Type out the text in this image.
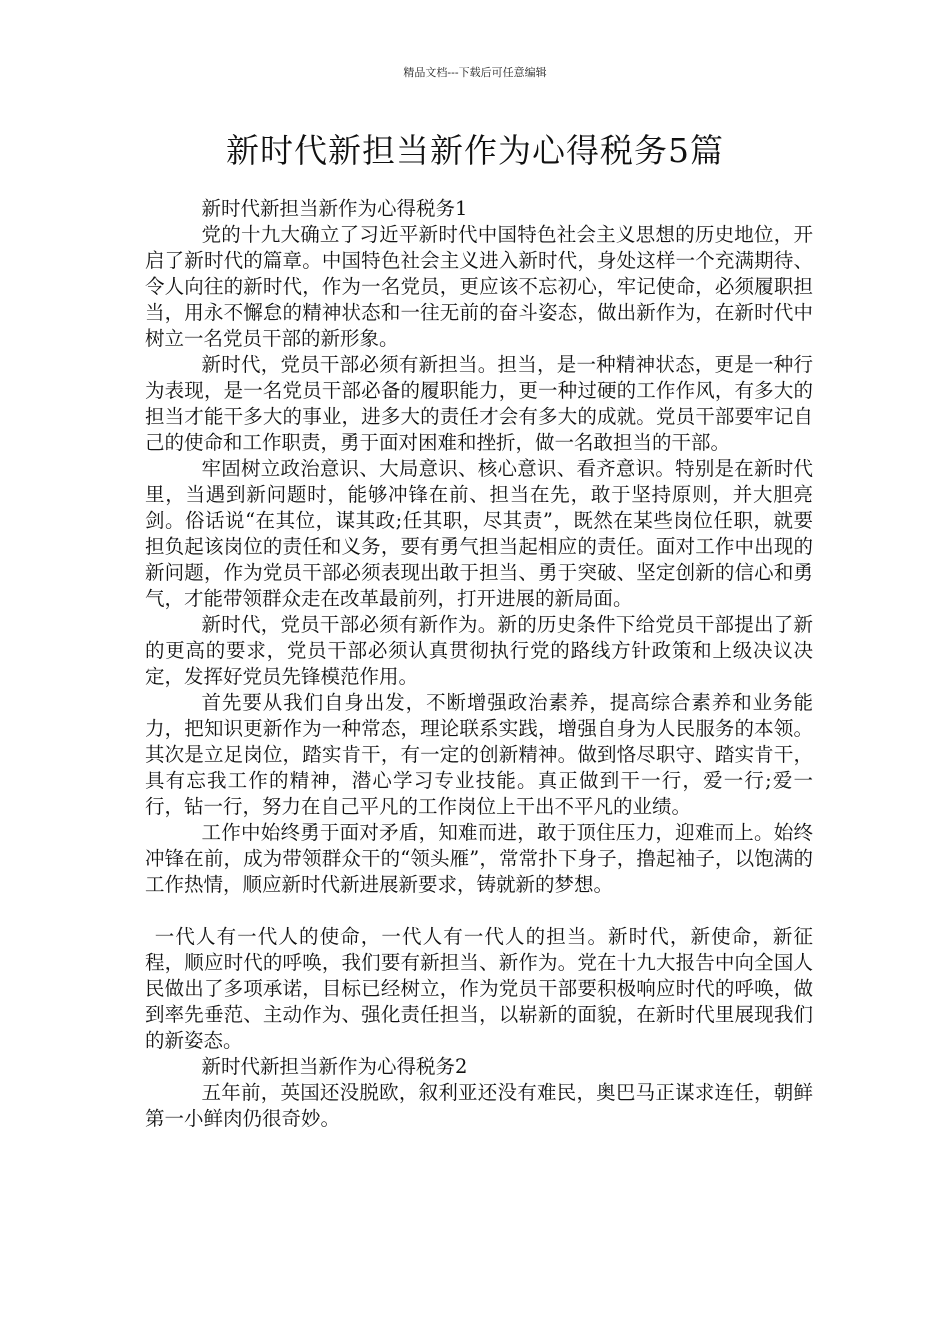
精品文档---下载后可任意编辑
新时代新担当新作为心得税务5篇

新时代新担当新作为心得税务1

党的十九大确立了习近平新时代中国特色社会主义思想的历史地位，开启了新时代的篇章。中国特色社会主义进入新时代，身处这样一个充满期待、令人向往的新时代，作为一名党员，更应该不忘初心，牢记使命，必须履职担当，用永不懈怠的精神状态和一往无前的奋斗姿态，做出新作为，在新时代中树立一名党员干部的新形象。

新时代，党员干部必须有新担当。担当，是一种精神状态，更是一种行为表现，是一名党员干部必备的履职能力，更一种过硬的工作作风，有多大的担当才能干多大的事业，进多大的责任才会有多大的成就。党员干部要牢记自己的使命和工作职责，勇于面对困难和挫折，做一名敢担当的干部。

牢固树立政治意识、大局意识、核心意识、看齐意识。特别是在新时代里，当遇到新问题时，能够冲锋在前、担当在先，敢于坚持原则，并大胆亮剑。俗话说“在其位，谋其政;任其职，尽其责”，既然在某些岗位任职，就要担负起该岗位的责任和义务，要有勇气担当起相应的责任。面对工作中出现的新问题，作为党员干部必须表现出敢于担当、勇于突破、坚定创新的信心和勇气，才能带领群众走在改革最前列，打开进展的新局面。

新时代，党员干部必须有新作为。新的历史条件下给党员干部提出了新的更高的要求，党员干部必须认真贯彻执行党的路线方针政策和上级决议决定，发挥好党员先锋模范作用。

首先要从我们自身出发，不断增强政治素养，提高综合素养和业务能力，把知识更新作为一种常态，理论联系实践，增强自身为人民服务的本领。其次是立足岗位，踏实肯干，有一定的创新精神。做到恪尽职守、踏实肯干，具有忘我工作的精神，潜心学习专业技能。真正做到干一行，爱一行;爱一行，钻一行，努力在自己平凡的工作岗位上干出不平凡的业绩。

工作中始终勇于面对矛盾，知难而进，敢于顶住压力，迎难而上。始终冲锋在前，成为带领群众干的“领头雁”，常常扑下身子，撸起袖子，以饱满的工作热情，顺应新时代新进展新要求，铸就新的梦想。

一代人有一代人的使命，一代人有一代人的担当。新时代，新使命，新征程，顺应时代的呼唤，我们要有新担当、新作为。党在十九大报告中向全国人民做出了多项承诺，目标已经树立，作为党员干部要积极响应时代的呼唤，做到率先垂范、主动作为、强化责任担当，以崭新的面貌，在新时代里展现我们的新姿态。

新时代新担当新作为心得税务2

五年前，英国还没脱欧，叙利亚还没有难民，奥巴马正谋求连任，朝鲜第一小鲜肉仍很奇妙。
